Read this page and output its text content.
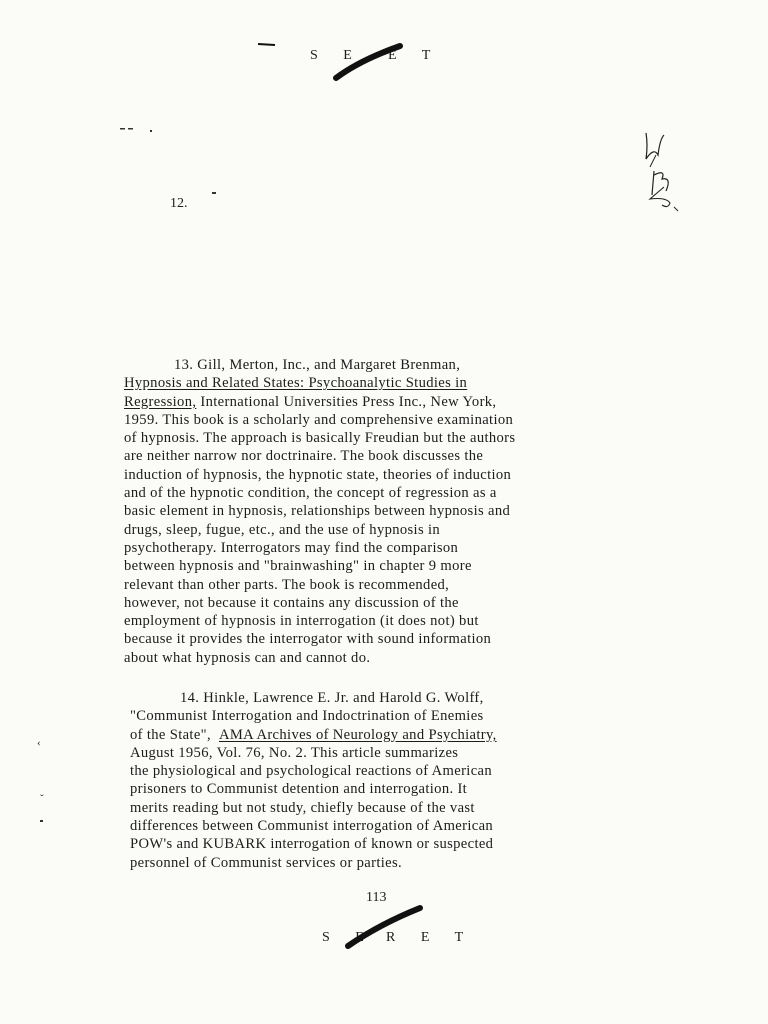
S E E T
12.
13. Gill, Merton, Inc., and Margaret Brenman,
Hypnosis and Related States: Psychoanalytic Studies in
Regression, International Universities Press Inc., New York,
1959. This book is a scholarly and comprehensive examination
of hypnosis. The approach is basically Freudian but the authors
are neither narrow nor doctrinaire. The book discusses the
induction of hypnosis, the hypnotic state, theories of induction
and of the hypnotic condition, the concept of regression as a
basic element in hypnosis, relationships between hypnosis and
drugs, sleep, fugue, etc., and the use of hypnosis in
psychotherapy. Interrogators may find the comparison
between hypnosis and "brainwashing" in chapter 9 more
relevant than other parts. The book is recommended,
however, not because it contains any discussion of the
employment of hypnosis in interrogation (it does not) but
because it provides the interrogator with sound information
about what hypnosis can and cannot do.
‹
ˇ
14. Hinkle, Lawrence E. Jr. and Harold G. Wolff,
"Communist Interrogation and Indoctrination of Enemies
of the State", AMA Archives of Neurology and Psychiatry,
August 1956, Vol. 76, No. 2. This article summarizes
the physiological and psychological reactions of American
prisoners to Communist detention and interrogation. It
merits reading but not study, chiefly because of the vast
differences between Communist interrogation of American
POW's and KUBARK interrogation of known or suspected
personnel of Communist services or parties.
113
S E R E T
